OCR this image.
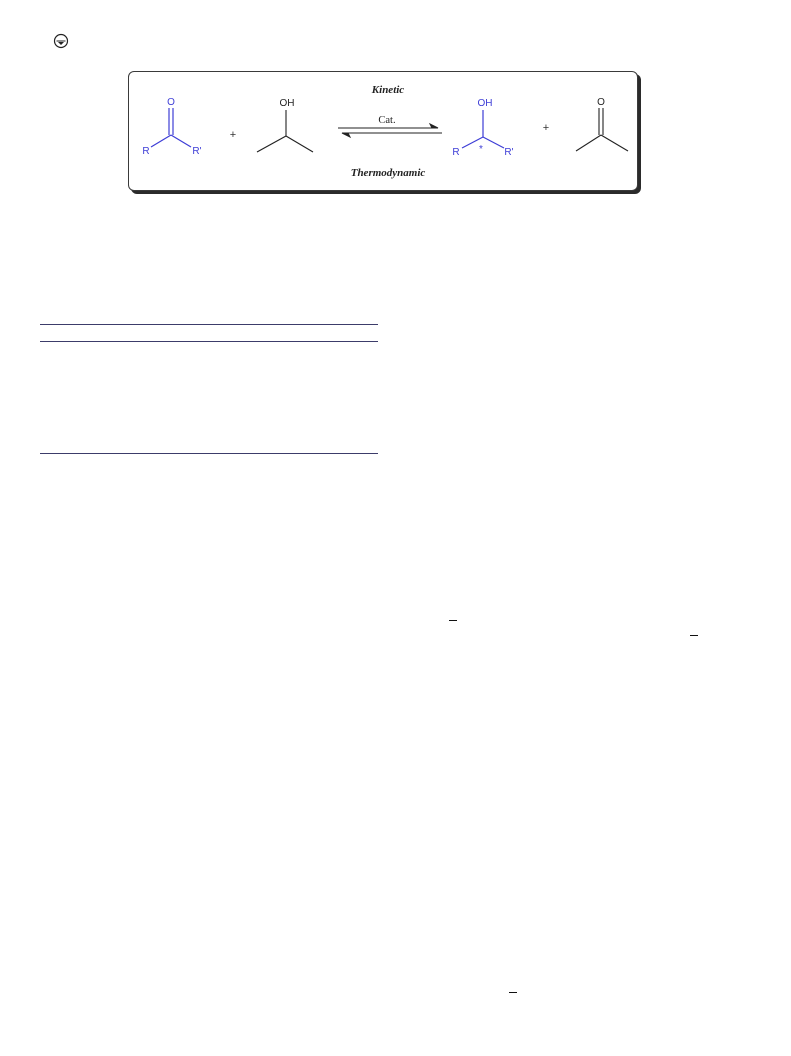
O
R	R'
+
OH
Kinetic
Cat.
Thermodynamic
OH
R * R'
+
O
